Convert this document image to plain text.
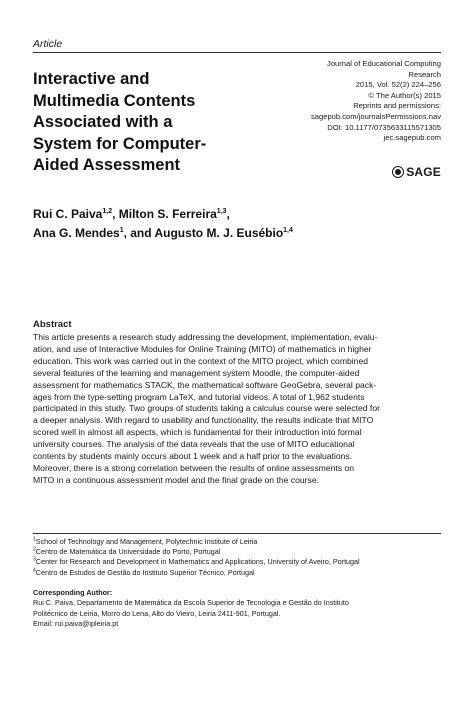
Article
Interactive and
Multimedia Contents
Associated with a
System for Computer-
Aided Assessment
Journal of Educational Computing
Research
2015, Vol. 52(2) 224–256
© The Author(s) 2015
Reprints and permissions:
sagepub.com/journalsPermissions.nav
DOI: 10.1177/0735633115571305
jec.sagepub.com
SAGE
Rui C. Paiva$^{1,2}$, Milton S. Ferreira$^{1,3}$,
Ana G. Mendes$^1$, and Augusto M. J. Eusébio$^{1,4}$
Abstract
This article presents a research study addressing the development, implementation, evalu-
ation, and use of Interactive Modules for Online Training (MITO) of mathematics in higher
education. This work was carried out in the context of the MITO project, which combined
several features of the learning and management system Moodle, the computer-aided
assessment for mathematics STACK, the mathematical software GeoGebra, several pack-
ages from the type-setting program LaTeX, and tutorial videos. A total of 1,962 students
participated in this study. Two groups of students taking a calculus course were selected for
a deeper analysis. With regard to usability and functionality, the results indicate that MITO
scored well in almost all aspects, which is fundamental for their introduction into formal
university courses. The analysis of the data reveals that the use of MITO educational
contents by students mainly occurs about 1 week and a half prior to the evaluations.
Moreover, there is a strong correlation between the results of online assessments on
MITO in a continuous assessment model and the final grade on the course.
$^1$School of Technology and Management, Polytechnic Institute of Leiria
$^2$Centro de Matemática da Universidade do Porto, Portugal
$^3$Center for Research and Development in Mathematics and Applications, University of Aveiro, Portugal
$^4$Centro de Estudos de Gestão do Instituto Superior Técnico, Portugal
Corresponding Author:
Rui C. Paiva, Departamento de Matemática da Escola Superior de Tecnologia e Gestão do Instituto
Politécnico de Leiria, Morro do Lena, Alto do Vieiro, Leiria 2411-901, Portugal.
Email: rui.paiva@ipleiria.pt
